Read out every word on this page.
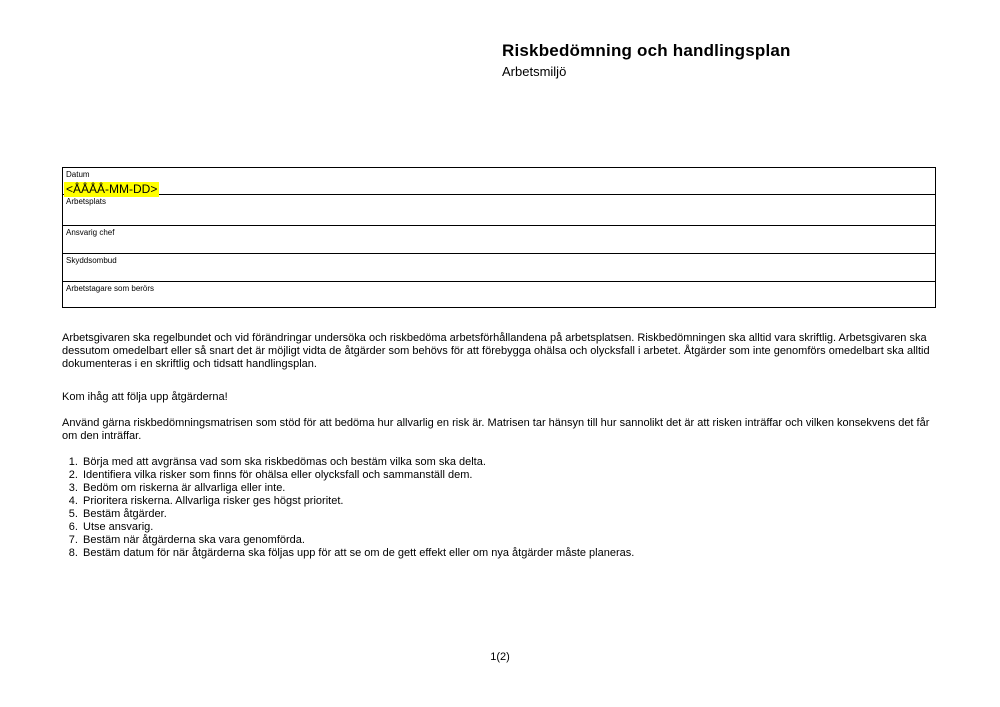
Riskbedömning och handlingsplan
Arbetsmiljö
Datum
<ÅÅÅÅ-MM-DD>
Arbetsplats
Ansvarig chef
Skyddsombud
Arbetstagare som berörs

Arbetsgivaren ska regelbundet och vid förändringar undersöka och riskbedöma arbetsförhållandena på arbetsplatsen. Riskbedömningen ska alltid vara skriftlig. Arbetsgivaren ska dessutom omedelbart eller så snart det är möjligt vidta de åtgärder som behövs för att förebygga ohälsa och olycksfall i arbetet. Åtgärder som inte genomförs omedelbart ska alltid dokumenteras i en skriftlig och tidsatt handlingsplan.

Kom ihåg att följa upp åtgärderna!

Använd gärna riskbedömningsmatrisen som stöd för att bedöma hur allvarlig en risk är. Matrisen tar hänsyn till hur sannolikt det är att risken inträffar och vilken konsekvens det får om den inträffar.

1. Börja med att avgränsa vad som ska riskbedömas och bestäm vilka som ska delta.
2. Identifiera vilka risker som finns för ohälsa eller olycksfall och sammanställ dem.
3. Bedöm om riskerna är allvarliga eller inte.
4. Prioritera riskerna. Allvarliga risker ges högst prioritet.
5. Bestäm åtgärder.
6. Utse ansvarig.
7. Bestäm när åtgärderna ska vara genomförda.
8. Bestäm datum för när åtgärderna ska följas upp för att se om de gett effekt eller om nya åtgärder måste planeras.
1(2)
